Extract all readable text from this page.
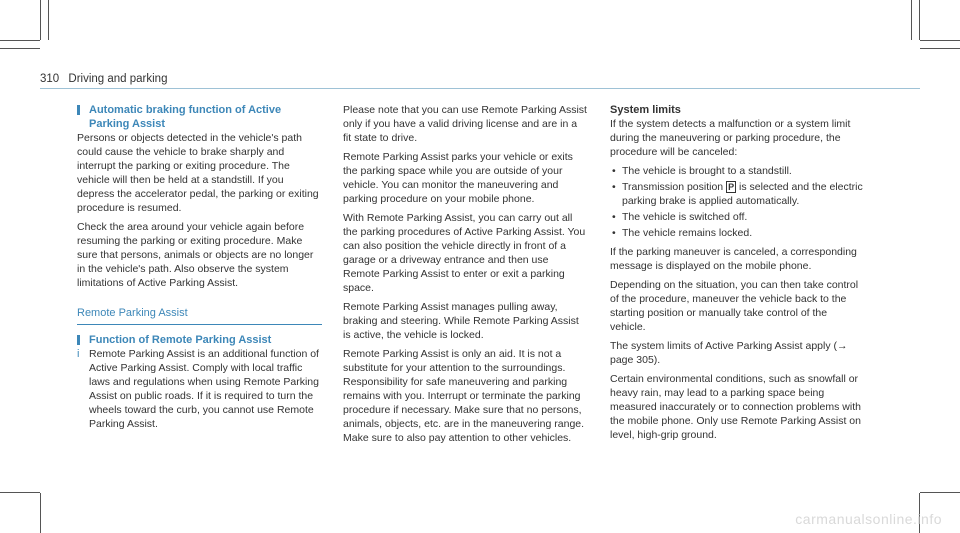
310 Driving and parking
Automatic braking function of Active Parking Assist

Persons or objects detected in the vehicle's path could cause the vehicle to brake sharply and interrupt the parking or exiting procedure. The vehicle will then be held at a standstill. If you depress the accelerator pedal, the parking or exiting procedure is resumed.

Check the area around your vehicle again before resuming the parking or exiting procedure. Make sure that persons, animals or objects are no longer in the vehicle's path. Also observe the system limitations of Active Parking Assist.

Remote Parking Assist
Function of Remote Parking Assist
i Remote Parking Assist is an additional function of Active Parking Assist. Comply with local traffic laws and regulations when using Remote Parking Assist on public roads. If it is required to turn the wheels toward the curb, you cannot use Remote Parking Assist.

Please note that you can use Remote Parking Assist only if you have a valid driving license and are in a fit state to drive.

Remote Parking Assist parks your vehicle or exits the parking space while you are outside of your vehicle. You can monitor the maneuvering and parking procedure on your mobile phone.

With Remote Parking Assist, you can carry out all the parking procedures of Active Parking Assist. You can also position the vehicle directly in front of a garage or a driveway entrance and then use Remote Parking Assist to enter or exit a parking space.

Remote Parking Assist manages pulling away, braking and steering. While Remote Parking Assist is active, the vehicle is locked.

Remote Parking Assist is only an aid. It is not a substitute for your attention to the surroundings. Responsibility for safe maneuvering and parking remains with you. Interrupt or terminate the parking procedure if necessary. Make sure that no persons, animals, objects, etc. are in the maneuvering range. Make sure to also pay attention to other vehicles.

System limits

If the system detects a malfunction or a system limit during the maneuvering or parking procedure, the procedure will be canceled:

• The vehicle is brought to a standstill.
• Transmission position P is selected and the electric parking brake is applied automatically.
• The vehicle is switched off.
• The vehicle remains locked.

If the parking maneuver is canceled, a corresponding message is displayed on the mobile phone.

Depending on the situation, you can then take control of the procedure, maneuver the vehicle back to the starting position or manually take control of the vehicle.

The system limits of Active Parking Assist apply (→ page 305).

Certain environmental conditions, such as snowfall or heavy rain, may lead to a parking space being measured inaccurately or to connection problems with the mobile phone. Only use Remote Parking Assist on level, high-grip ground.

carmanualsonline.info
